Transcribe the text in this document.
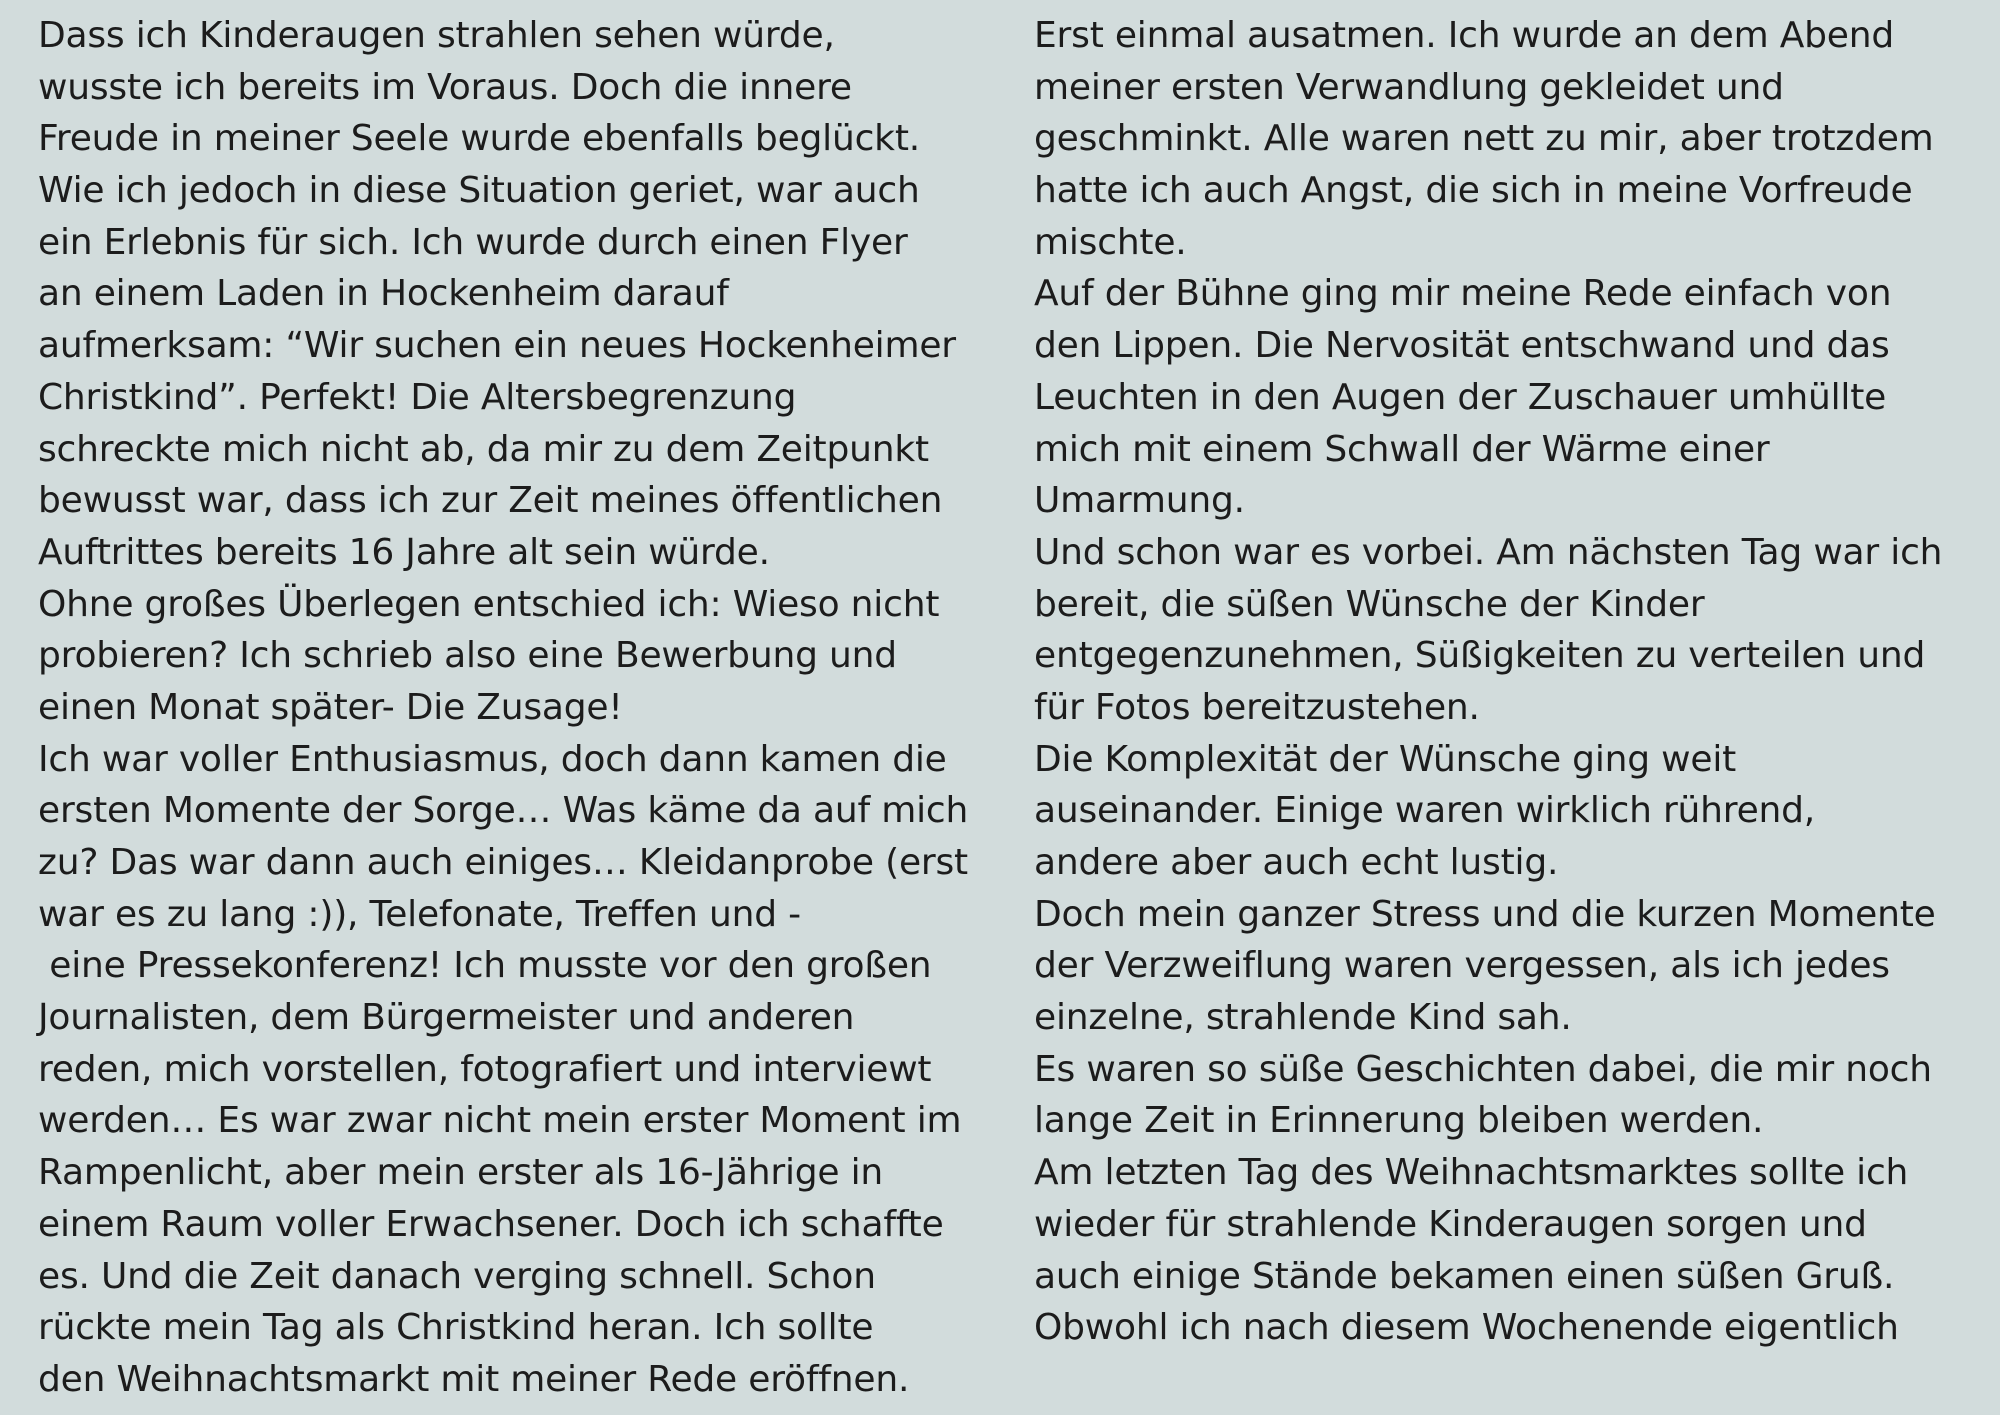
Dass ich Kinderaugen strahlen sehen würde,
wusste ich bereits im Voraus. Doch die innere
Freude in meiner Seele wurde ebenfalls beglückt.
Wie ich jedoch in diese Situation geriet, war auch
ein Erlebnis für sich. Ich wurde durch einen Flyer
an einem Laden in Hockenheim darauf
aufmerksam: “Wir suchen ein neues Hockenheimer
Christkind”. Perfekt! Die Altersbegrenzung
schreckte mich nicht ab, da mir zu dem Zeitpunkt
bewusst war, dass ich zur Zeit meines öffentlichen
Auftrittes bereits 16 Jahre alt sein würde.
Ohne großes Überlegen entschied ich: Wieso nicht
probieren? Ich schrieb also eine Bewerbung und
einen Monat später- Die Zusage!
Ich war voller Enthusiasmus, doch dann kamen die
ersten Momente der Sorge… Was käme da auf mich
zu? Das war dann auch einiges… Kleidanprobe (erst
war es zu lang :)), Telefonate, Treffen und -
eine Pressekonferenz! Ich musste vor den großen
Journalisten, dem Bürgermeister und anderen
reden, mich vorstellen, fotografiert und interviewt
werden… Es war zwar nicht mein erster Moment im
Rampenlicht, aber mein erster als 16-Jährige in
einem Raum voller Erwachsener. Doch ich schaffte
es. Und die Zeit danach verging schnell. Schon
rückte mein Tag als Christkind heran. Ich sollte
den Weihnachtsmarkt mit meiner Rede eröffnen.
Erst einmal ausatmen. Ich wurde an dem Abend
meiner ersten Verwandlung gekleidet und
geschminkt. Alle waren nett zu mir, aber trotzdem
hatte ich auch Angst, die sich in meine Vorfreude
mischte.
Auf der Bühne ging mir meine Rede einfach von
den Lippen. Die Nervosität entschwand und das
Leuchten in den Augen der Zuschauer umhüllte
mich mit einem Schwall der Wärme einer
Umarmung.
Und schon war es vorbei. Am nächsten Tag war ich
bereit, die süßen Wünsche der Kinder
entgegenzunehmen, Süßigkeiten zu verteilen und
für Fotos bereitzustehen.
Die Komplexität der Wünsche ging weit
auseinander. Einige waren wirklich rührend,
andere aber auch echt lustig.
Doch mein ganzer Stress und die kurzen Momente
der Verzweiflung waren vergessen, als ich jedes
einzelne, strahlende Kind sah.
Es waren so süße Geschichten dabei, die mir noch
lange Zeit in Erinnerung bleiben werden.
Am letzten Tag des Weihnachtsmarktes sollte ich
wieder für strahlende Kinderaugen sorgen und
auch einige Stände bekamen einen süßen Gruß.
Obwohl ich nach diesem Wochenende eigentlich
